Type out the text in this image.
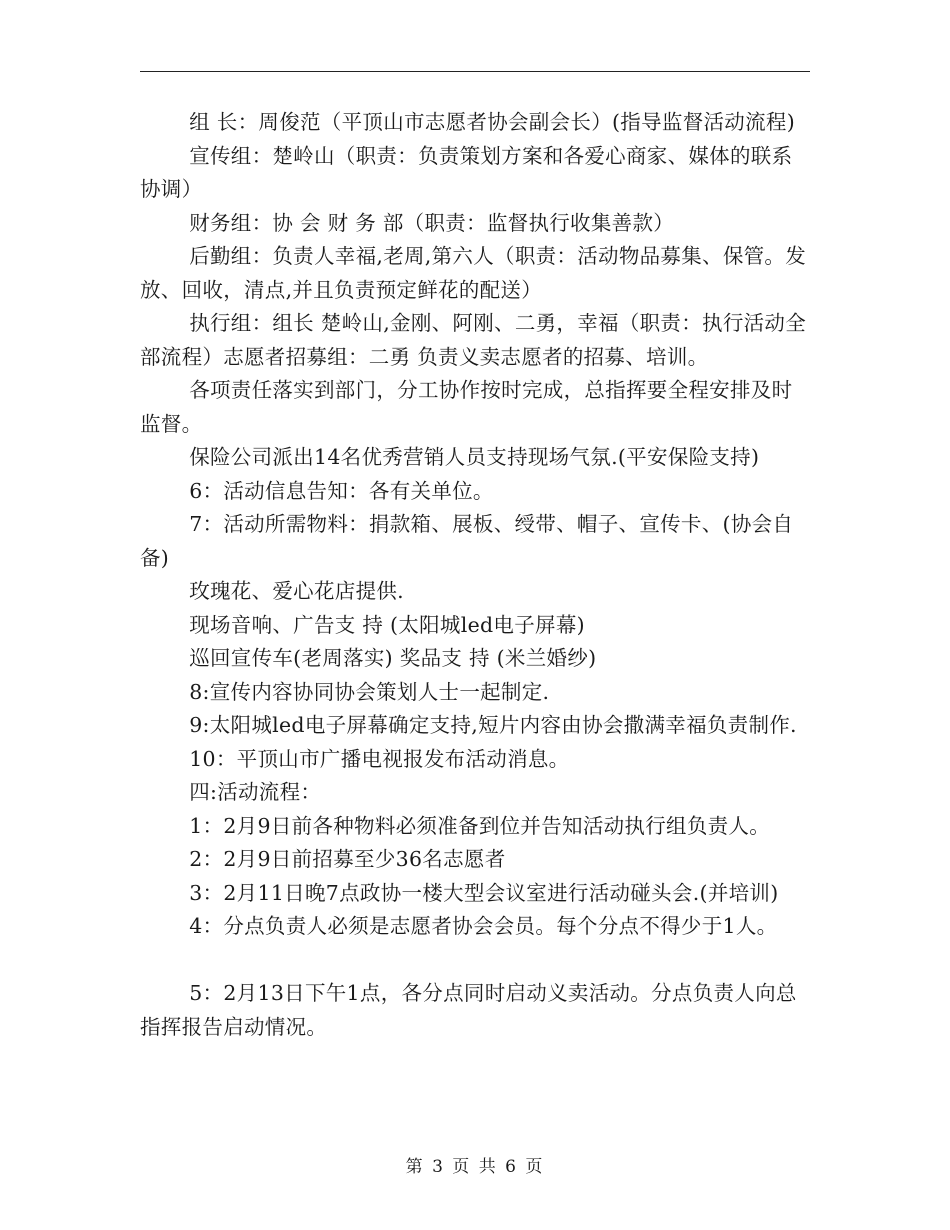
组 长：周俊范（平顶山市志愿者协会副会长）(指导监督活动流程)

宣传组：楚岭山（职责：负责策划方案和各爱心商家、媒体的联系协调）

财务组：协 会 财 务 部（职责：监督执行收集善款）

后勤组：负责人幸福,老周,第六人（职责：活动物品募集、保管。发放、回收，清点,并且负责预定鲜花的配送）

执行组：组长 楚岭山,金刚、阿刚、二勇，幸福（职责：执行活动全部流程）志愿者招募组：二勇 负责义卖志愿者的招募、培训。

各项责任落实到部门，分工协作按时完成，总指挥要全程安排及时监督。

保险公司派出14名优秀营销人员支持现场气氛.(平安保险支持)

6：活动信息告知：各有关单位。

7：活动所需物料：捐款箱、展板、绶带、帽子、宣传卡、(协会自备)

玫瑰花、爱心花店提供.

现场音响、广告支 持 (太阳城led电子屏幕)

巡回宣传车(老周落实) 奖品支 持 (米兰婚纱)

8:宣传内容协同协会策划人士一起制定.

9:太阳城led电子屏幕确定支持,短片内容由协会撒满幸福负责制作.

10：平顶山市广播电视报发布活动消息。

四:活动流程：

1：2月9日前各种物料必须准备到位并告知活动执行组负责人。

2：2月9日前招募至少36名志愿者

3：2月11日晚7点政协一楼大型会议室进行活动碰头会.(并培训)

4：分点负责人必须是志愿者协会会员。每个分点不得少于1人。

5：2月13日下午1点，各分点同时启动义卖活动。分点负责人向总指挥报告启动情况。

第 3 页 共 6 页
